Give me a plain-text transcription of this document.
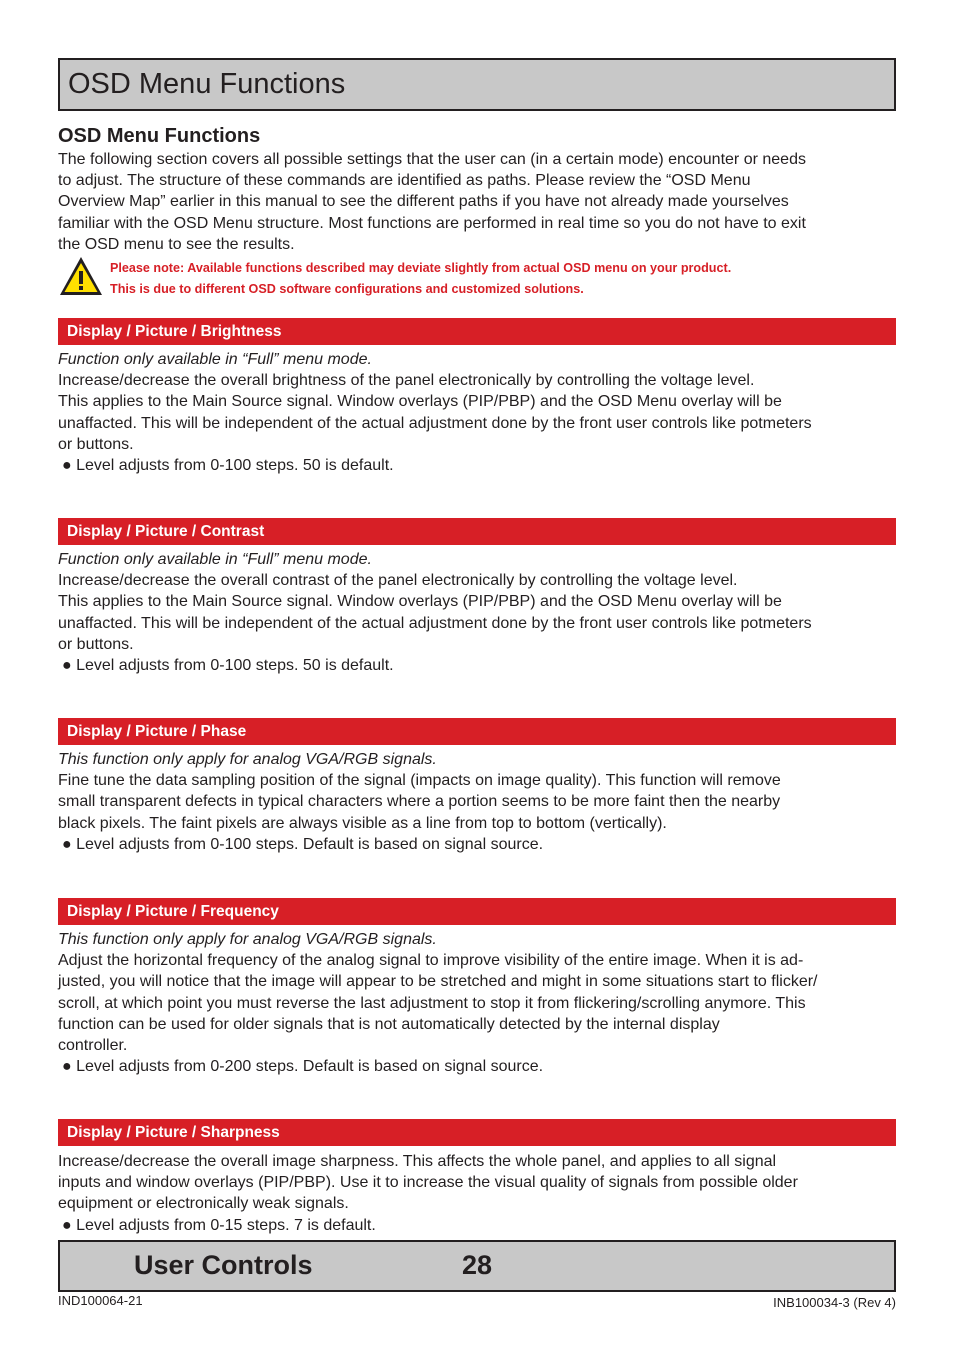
OSD Menu Functions
OSD Menu Functions

The following section covers all possible settings that the user can (in a certain mode) encounter or needs

to adjust. The structure of these commands are identified as paths. Please review the “OSD Menu

Overview Map” earlier in this manual to see the different paths if you have not already made yourselves

familiar with the OSD Menu structure. Most functions are performed in real time so you do not have to exit

the OSD menu to see the results.

Please note: Available functions described may deviate slightly from actual OSD menu on your product.

This is due to different OSD software configurations and customized solutions.

Display / Picture / Brightness

Function only available in “Full” menu mode.

Increase/decrease the overall brightness of the panel electronically by controlling the voltage level.

This applies to the Main Source signal. Window overlays (PIP/PBP) and the OSD Menu overlay will be

unaffacted. This will be independent of the actual adjustment done by the front user controls like potmeters

or buttons.

● Level adjusts from 0-100 steps. 50 is default.

Display / Picture / Contrast

Function only available in “Full” menu mode.

Increase/decrease the overall contrast of the panel electronically by controlling the voltage level.

This applies to the Main Source signal. Window overlays (PIP/PBP) and the OSD Menu overlay will be

unaffacted. This will be independent of the actual adjustment done by the front user controls like potmeters

or buttons.

● Level adjusts from 0-100 steps. 50 is default.

Display / Picture / Phase

This function only apply for analog VGA/RGB signals.

Fine tune the data sampling position of the signal (impacts on image quality). This function will remove

small transparent defects in typical characters where a portion seems to be more faint then the nearby

black pixels. The faint pixels are always visible as a line from top to bottom (vertically).

● Level adjusts from 0-100 steps. Default is based on signal source.

Display / Picture / Frequency

This function only apply for analog VGA/RGB signals.

Adjust the horizontal frequency of the analog signal to improve visibility of the entire image. When it is ad-

justed, you will notice that the image will appear to be stretched and might in some situations start to flicker/

scroll, at which point you must reverse the last adjustment to stop it from flickering/scrolling anymore. This

function can be used for older signals that is not automatically detected by the internal display

controller.

● Level adjusts from 0-200 steps. Default is based on signal source.

Display / Picture / Sharpness

Increase/decrease the overall image sharpness. This affects the whole panel, and applies to all signal

inputs and window overlays (PIP/PBP). Use it to increase the visual quality of signals from possible older

equipment or electronically weak signals.

● Level adjusts from 0-15 steps. 7 is default.

User Controls	28
IND100064-21	INB100034-3 (Rev 4)
